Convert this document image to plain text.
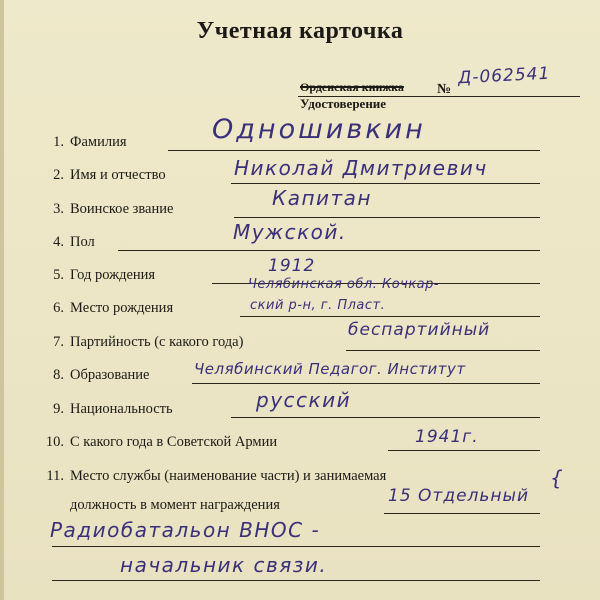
Учетная карточка
Орденская книжка
Удостоверение
№
Д-062541
1. Фамилия	Одношивкин
2. Имя и отчество	Николай Дмитриевич
3. Воинское звание	Капитан
4. Пол	Мужской.
5. Год рождения	1912
6. Место рождения
Челябинская обл. Кочкар-
ский р-н, г. Пласт.
7. Партийность (с какого года)
беспартийный
8. Образование	Челябинский Педагог. Институт
9. Национальность	русский
10. С какого года в Советской Армии	1941г.
11. Место службы (наименование части) и занимаемая
должность в момент награждения	15 Отдельный
{
Радиобатальон ВНОС -
начальник связи.
